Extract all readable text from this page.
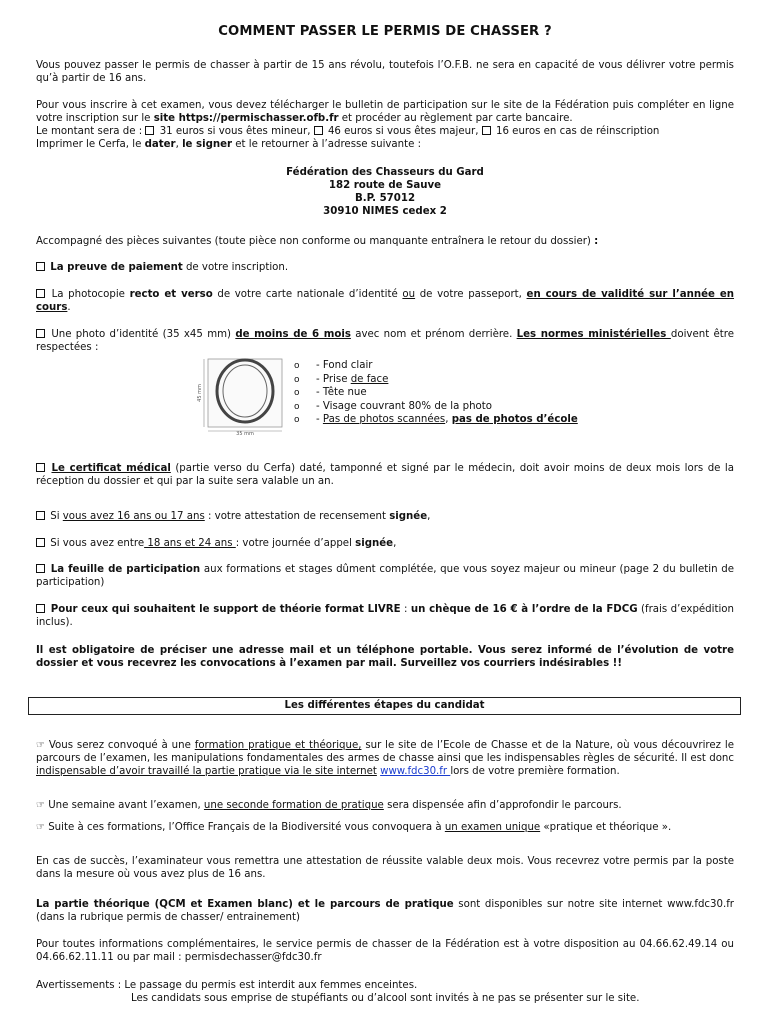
COMMENT PASSER LE PERMIS DE CHASSER ?

Vous pouvez passer le permis de chasser à partir de 15 ans révolu, toutefois l’O.F.B. ne sera en capacité de vous délivrer votre permis qu’à partir de 16 ans.

Pour vous inscrire à cet examen, vous devez télécharger le bulletin de participation sur le site de la Fédération puis compléter en ligne votre inscription sur le site https://permischasser.ofb.fr et procéder au règlement par carte bancaire.

Le montant sera de :  31 euros si vous êtes mineur,  46 euros si vous êtes majeur,  16 euros en cas de réinscription

Imprimer le Cerfa, le dater, le signer et le retourner à l’adresse suivante :

Fédération des Chasseurs du Gard
182 route de Sauve
B.P. 57012
30910 NIMES cedex 2

Accompagné des pièces suivantes (toute pièce non conforme ou manquante entraînera le retour du dossier) :

La preuve de paiement de votre inscription.

La photocopie recto et verso de votre carte nationale d’identité ou de votre passeport, en cours de validité sur l’année en cours.

Une photo d’identité (35 x45 mm) de moins de 6 mois avec nom et prénom derrière. Les normes ministérielles doivent être respectées :

35 mm
45 mm
o - Fond clair
o - Prise de face
o - Tête nue
o - Visage couvrant 80% de la photo
o - Pas de photos scannées, pas de photos d’école

Le certificat médical (partie verso du Cerfa) daté, tamponné et signé par le médecin, doit avoir moins de deux mois lors de la réception du dossier et qui par la suite sera valable un an.

Si vous avez 16 ans ou 17 ans : votre attestation de recensement signée,

Si vous avez entre 18 ans et 24 ans : votre journée d’appel signée,

La feuille de participation aux formations et stages dûment complétée, que vous soyez majeur ou mineur (page 2 du bulletin de participation)

Pour ceux qui souhaitent le support de théorie format LIVRE : un chèque de 16 € à l’ordre de la FDCG (frais d’expédition inclus).

Il est obligatoire de préciser une adresse mail et un téléphone portable. Vous serez informé de l’évolution de votre dossier et vous recevrez les convocations à l’examen par mail. Surveillez vos courriers indésirables !!

Les différentes étapes du candidat

☞ Vous serez convoqué à une formation pratique et théorique, sur le site de l’Ecole de Chasse et de la Nature, où vous découvrirez le parcours de l’examen, les manipulations fondamentales des armes de chasse ainsi que les indispensables règles de sécurité. Il est donc indispensable d’avoir travaillé la partie pratique via le site internet www.fdc30.fr lors de votre première formation.

☞ Une semaine avant l’examen, une seconde formation de pratique sera dispensée afin d’approfondir le parcours.

☞ Suite à ces formations, l’Office Français de la Biodiversité vous convoquera à un examen unique «pratique et théorique ».

En cas de succès, l’examinateur vous remettra une attestation de réussite valable deux mois. Vous recevrez votre permis par la poste dans la mesure où vous avez plus de 16 ans.

La partie théorique (QCM et Examen blanc) et le parcours de pratique sont disponibles sur notre site internet www.fdc30.fr (dans la rubrique permis de chasser/ entrainement)

Pour toutes informations complémentaires, le service permis de chasser de la Fédération est à votre disposition au 04.66.62.49.14 ou 04.66.62.11.11 ou par mail : permisdechasser@fdc30.fr

Avertissements : Le passage du permis est interdit aux femmes enceintes.

Les candidats sous emprise de stupéfiants ou d’alcool sont invités à ne pas se présenter sur le site.
